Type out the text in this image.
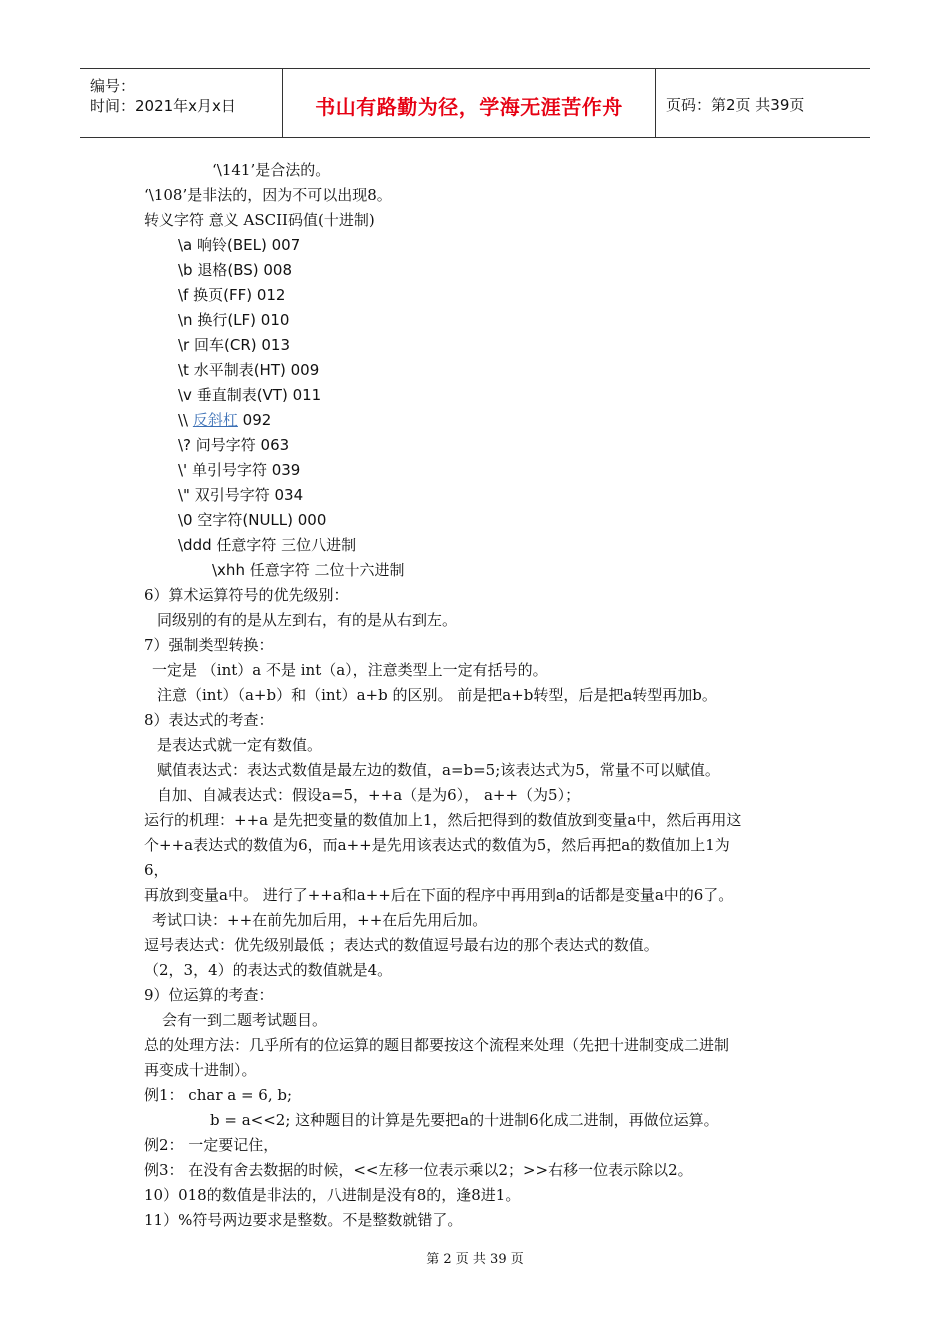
编号：
时间：2021年x月x日	书山有路勤为径，学海无涯苦作舟	页码：第2页 共39页
‘\141’是合法的。
‘\108’是非法的，因为不可以出现8。
转义字符 意义 ASCII码值(十进制)
\a 响铃(BEL) 007
\b 退格(BS) 008
\f 换页(FF) 012
\n 换行(LF) 010
\r 回车(CR) 013
\t 水平制表(HT) 009
\v 垂直制表(VT) 011
\\ 反斜杠 092
\? 问号字符 063
\' 单引号字符 039
\" 双引号字符 034
\0 空字符(NULL) 000
\ddd 任意字符 三位八进制
\xhh 任意字符 二位十六进制
6）算术运算符号的优先级别：
同级别的有的是从左到右，有的是从右到左。
7）强制类型转换：
一定是 （int）a 不是 int（a），注意类型上一定有括号的。
注意（int）（a+b）和（int）a+b 的区别。 前是把a+b转型，后是把a转型再加b。
8）表达式的考查：
是表达式就一定有数值。
赋值表达式：表达式数值是最左边的数值，a=b=5;该表达式为5，常量不可以赋值。
自加、自减表达式：假设a=5，++a（是为6）， a++（为5）；
运行的机理：++a 是先把变量的数值加上1，然后把得到的数值放到变量a中，然后再用这
个++a表达式的数值为6，而a++是先用该表达式的数值为5，然后再把a的数值加上1为
6，
再放到变量a中。 进行了++a和a++后在下面的程序中再用到a的话都是变量a中的6了。
考试口诀：++在前先加后用，++在后先用后加。
逗号表达式：优先级别最低 ；表达式的数值逗号最右边的那个表达式的数值。
（2，3，4）的表达式的数值就是4。
9）位运算的考查：
会有一到二题考试题目。
总的处理方法：几乎所有的位运算的题目都要按这个流程来处理（先把十进制变成二进制
再变成十进制）。
例1： char a = 6, b;
b = a<<2; 这种题目的计算是先要把a的十进制6化成二进制，再做位运算。
例2： 一定要记住，
例3： 在没有舍去数据的时候，<<左移一位表示乘以2；>>右移一位表示除以2。
10）018的数值是非法的，八进制是没有8的，逢8进1。
11）%符号两边要求是整数。不是整数就错了。
第 2 页 共 39 页
